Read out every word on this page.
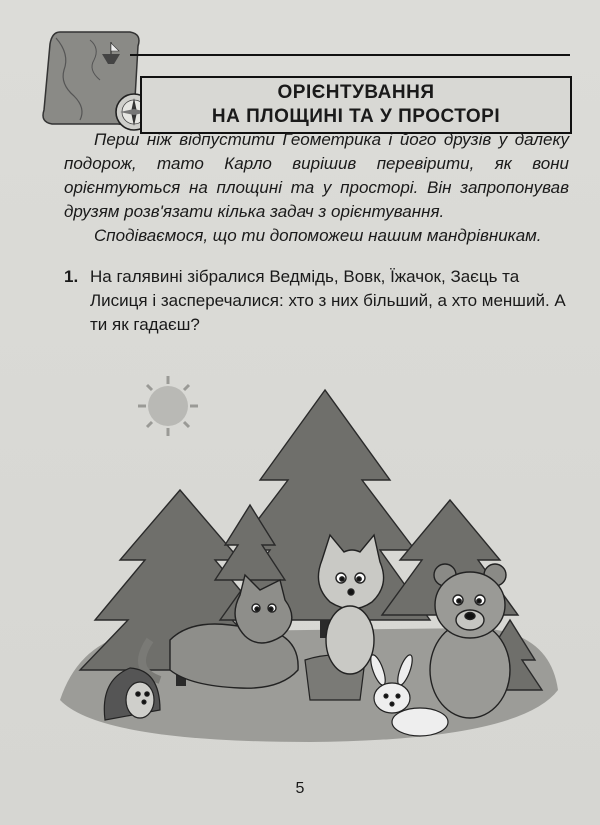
ОРІЄНТУВАННЯ
НА ПЛОЩИНІ ТА У ПРОСТОРІ

Перш ніж відпустити Геометрика і його друзів у далеку подорож, тато Карло вирішив перевірити, як вони орієнтуються на площині та у просторі. Він запропонував друзям розв'язати кілька задач з орієнтування.

Сподіваємося, що ти допоможеш нашим мандрівникам.

1. На галявині зібралися Ведмідь, Вовк, Їжачок, Заєць та Лисиця і засперечалися: хто з них більший, а хто менший. А ти як гадаєш?
5
